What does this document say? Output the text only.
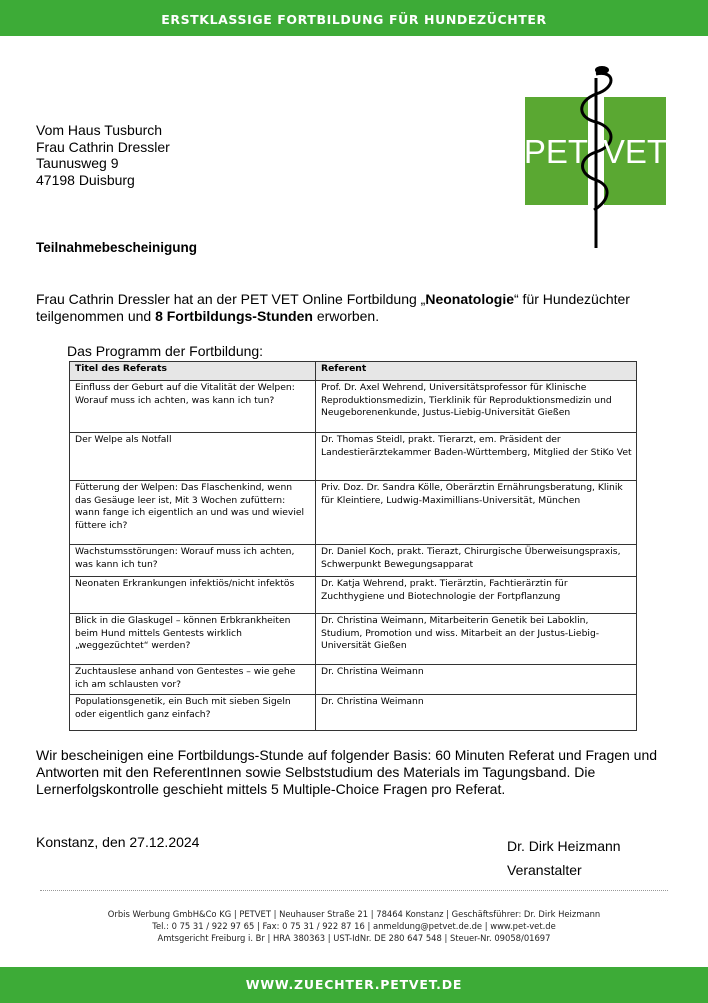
ERSTKLASSIGE FORTBILDUNG FÜR HUNDEZÜCHTER
PET VET
Vom Haus Tusburch
Frau Cathrin Dressler
Taunusweg 9
47198 Duisburg
Teilnahmebescheinigung
Frau Cathrin Dressler hat an der PET VET Online Fortbildung „Neonatologie“ für Hundezüchter teilgenommen und 8 Fortbildungs-Stunden erworben.
Das Programm der Fortbildung:
Titel des Referats	Referent
Einfluss der Geburt auf die Vitalität der Welpen: Worauf muss ich achten, was kann ich tun?	Prof. Dr. Axel Wehrend, Universitätsprofessor für Klinische Reproduktionsmedizin, Tierklinik für Reproduktionsmedizin und Neugeborenenkunde, Justus-Liebig-Universität Gießen
Der Welpe als Notfall	Dr. Thomas Steidl, prakt. Tierarzt, em. Präsident der Landestierärztekammer Baden-Württemberg, Mitglied der StiKo Vet
Fütterung der Welpen: Das Flaschenkind, wenn das Gesäuge leer ist, Mit 3 Wochen zufüttern: wann fange ich eigentlich an und was und wieviel füttere ich?	Priv. Doz. Dr. Sandra Kölle, Oberärztin Ernährungsberatung, Klinik für Kleintiere, Ludwig-Maximillians-Universität, München
Wachstumsstörungen: Worauf muss ich achten, was kann ich tun?	Dr. Daniel Koch, prakt. Tierazt, Chirurgische Überweisungspraxis, Schwerpunkt Bewegungsapparat
Neonaten Erkrankungen infektiös/nicht infektös	Dr. Katja Wehrend, prakt. Tierärztin, Fachtierärztin für Zuchthygiene und Biotechnologie der Fortpflanzung
Blick in die Glaskugel – können Erbkrankheiten beim Hund mittels Gentests wirklich „weggezüchtet“ werden?	Dr. Christina Weimann, Mitarbeiterin Genetik bei Laboklin, Studium, Promotion und wiss. Mitarbeit an der Justus-Liebig-Universität Gießen
Zuchtauslese anhand von Gentestes – wie gehe ich am schlausten vor?	Dr. Christina Weimann
Populationsgenetik, ein Buch mit sieben Sigeln oder eigentlich ganz einfach?	Dr. Christina Weimann
Wir bescheinigen eine Fortbildungs-Stunde auf folgender Basis: 60 Minuten Referat und Fragen und Antworten mit den ReferentInnen sowie Selbststudium des Materials im Tagungsband. Die Lernerfolgskontrolle geschieht mittels 5 Multiple-Choice Fragen pro Referat.
Konstanz, den 27.12.2024	Dr. Dirk Heizmann
Veranstalter
Orbis Werbung GmbH&Co KG | PETVET | Neuhauser Straße 21 | 78464 Konstanz | Geschäftsführer: Dr. Dirk Heizmann
Tel.: 0 75 31 / 922 97 65 | Fax: 0 75 31 / 922 87 16 | anmeldung@petvet.de.de | www.pet-vet.de
Amtsgericht Freiburg i. Br | HRA 380363 | UST-IdNr. DE 280 647 548 | Steuer-Nr. 09058/01697
WWW.ZUECHTER.PETVET.DE
